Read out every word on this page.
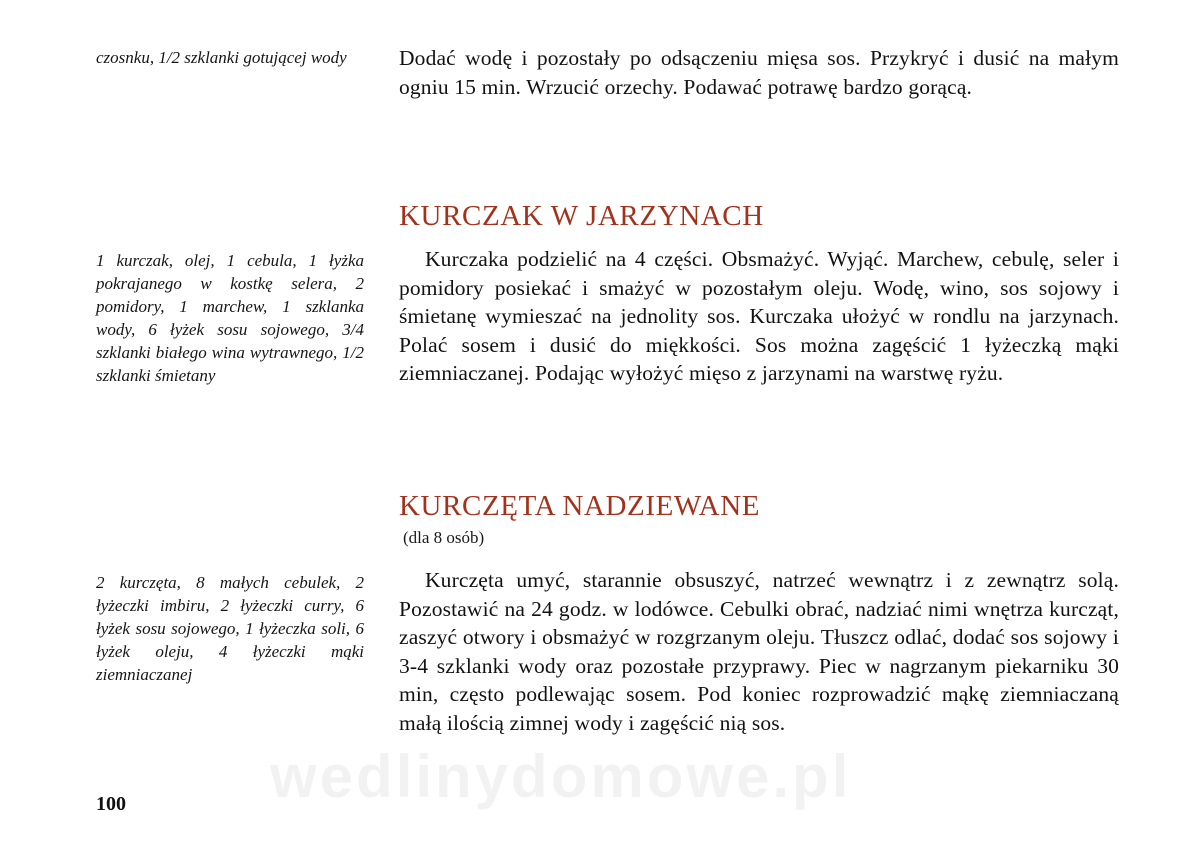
czosnku, 1/2 szklanki gotującej wody	Dodać wodę i pozostały po odsączeniu mięsa sos. Przykryć i dusić na małym ogniu 15 min. Wrzucić orzechy. Podawać potrawę bardzo gorącą.
KURCZAK W JARZYNACH
1 kurczak, olej, 1 cebula, 1 łyżka pokrajanego w kostkę selera, 2 pomidory, 1 marchew, 1 szklanka wody, 6 łyżek sosu sojowego, 3/4 szklanki białego wina wytrawnego, 1/2 szklanki śmietany
Kurczaka podzielić na 4 części. Obsmażyć. Wyjąć. Marchew, cebulę, seler i pomidory posiekać i smażyć w pozostałym oleju. Wodę, wino, sos sojowy i śmietanę wymieszać na jednolity sos. Kurczaka ułożyć w rondlu na jarzynach. Polać sosem i dusić do miękkości. Sos można zagęścić 1 łyżeczką mąki ziemniaczanej. Podając wyłożyć mięso z jarzynami na warstwę ryżu.
KURCZĘTA NADZIEWANE
(dla 8 osób)
2 kurczęta, 8 małych cebulek, 2 łyżeczki imbiru, 2 łyżeczki curry, 6 łyżek sosu sojowego, 1 łyżeczka soli, 6 łyżek oleju, 4 łyżeczki mąki ziemniaczanej
Kurczęta umyć, starannie obsuszyć, natrzeć wewnątrz i z zewnątrz solą. Pozostawić na 24 godz. w lodówce. Cebulki obrać, nadziać nimi wnętrza kurcząt, zaszyć otwory i obsmażyć w rozgrzanym oleju. Tłuszcz odlać, dodać sos sojowy i 3-4 szklanki wody oraz pozostałe przyprawy. Piec w nagrzanym piekarniku 30 min, często podlewając sosem. Pod koniec rozprowadzić mąkę ziemniaczaną małą ilością zimnej wody i zagęścić nią sos.
100 wedlinydomowe.pl
